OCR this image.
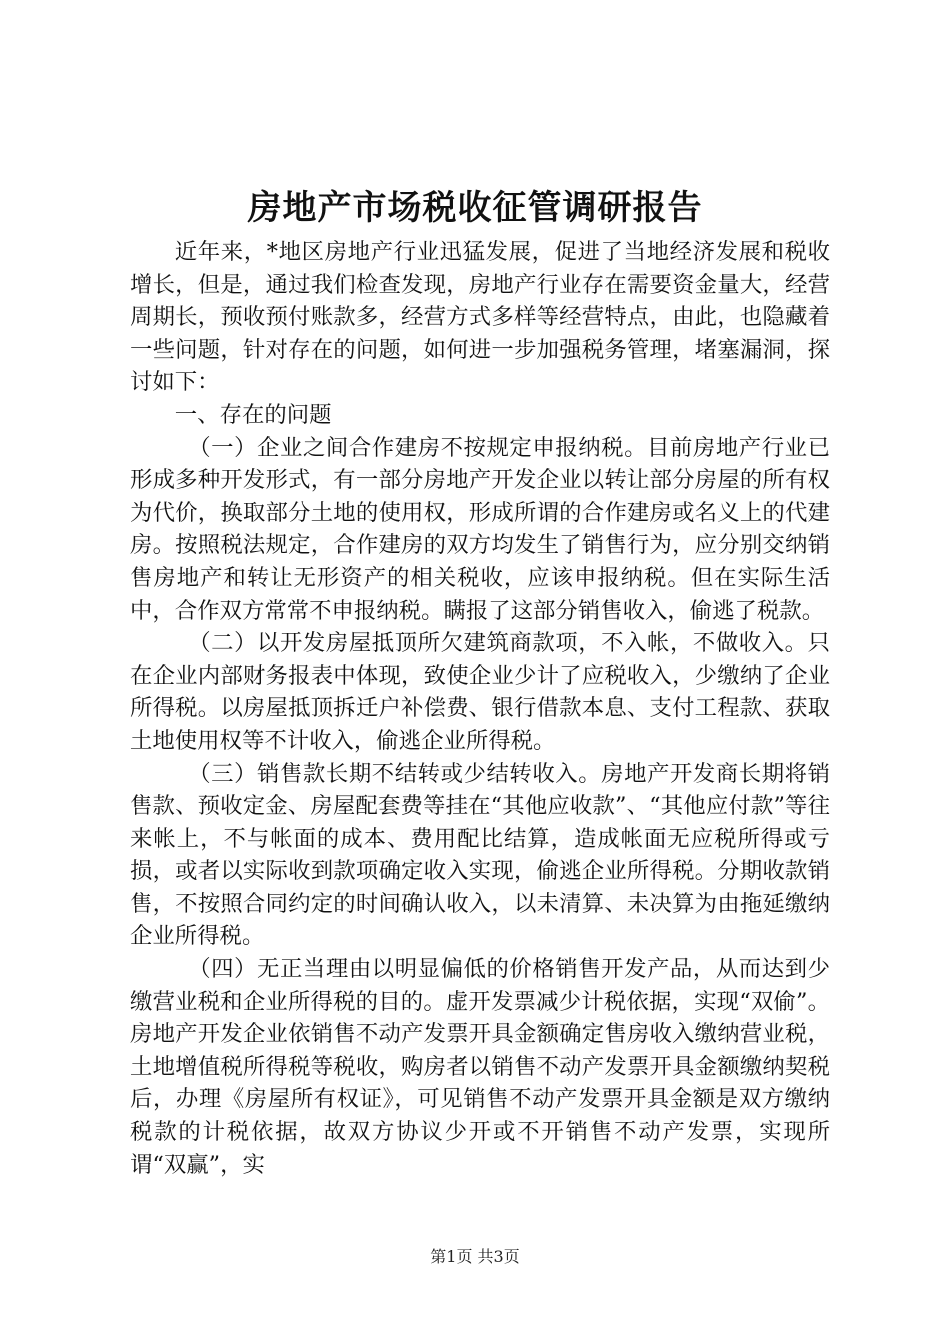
房地产市场税收征管调研报告

近年来，*地区房地产行业迅猛发展，促进了当地经济发展和税收增长，但是，通过我们检查发现，房地产行业存在需要资金量大，经营周期长，预收预付账款多，经营方式多样等经营特点，由此，也隐藏着一些问题，针对存在的问题，如何进一步加强税务管理，堵塞漏洞，探讨如下：

一、存在的问题

（一）企业之间合作建房不按规定申报纳税。目前房地产行业已形成多种开发形式，有一部分房地产开发企业以转让部分房屋的所有权为代价，换取部分土地的使用权，形成所谓的合作建房或名义上的代建房。按照税法规定，合作建房的双方均发生了销售行为，应分别交纳销售房地产和转让无形资产的相关税收，应该申报纳税。但在实际生活中，合作双方常常不申报纳税。瞒报了这部分销售收入，偷逃了税款。

（二）以开发房屋抵顶所欠建筑商款项，不入帐，不做收入。只在企业内部财务报表中体现，致使企业少计了应税收入，少缴纳了企业所得税。以房屋抵顶拆迁户补偿费、银行借款本息、支付工程款、获取土地使用权等不计收入，偷逃企业所得税。

（三）销售款长期不结转或少结转收入。房地产开发商长期将销售款、预收定金、房屋配套费等挂在“其他应收款”、“其他应付款”等往来帐上，不与帐面的成本、费用配比结算，造成帐面无应税所得或亏损，或者以实际收到款项确定收入实现，偷逃企业所得税。分期收款销售，不按照合同约定的时间确认收入，以未清算、未决算为由拖延缴纳企业所得税。

（四）无正当理由以明显偏低的价格销售开发产品，从而达到少缴营业税和企业所得税的目的。虚开发票减少计税依据，实现“双偷”。房地产开发企业依销售不动产发票开具金额确定售房收入缴纳营业税，土地增值税所得税等税收，购房者以销售不动产发票开具金额缴纳契税后，办理《房屋所有权证》，可见销售不动产发票开具金额是双方缴纳税款的计税依据，故双方协议少开或不开销售不动产发票，实现所谓“双赢”，实

第1页 共3页
